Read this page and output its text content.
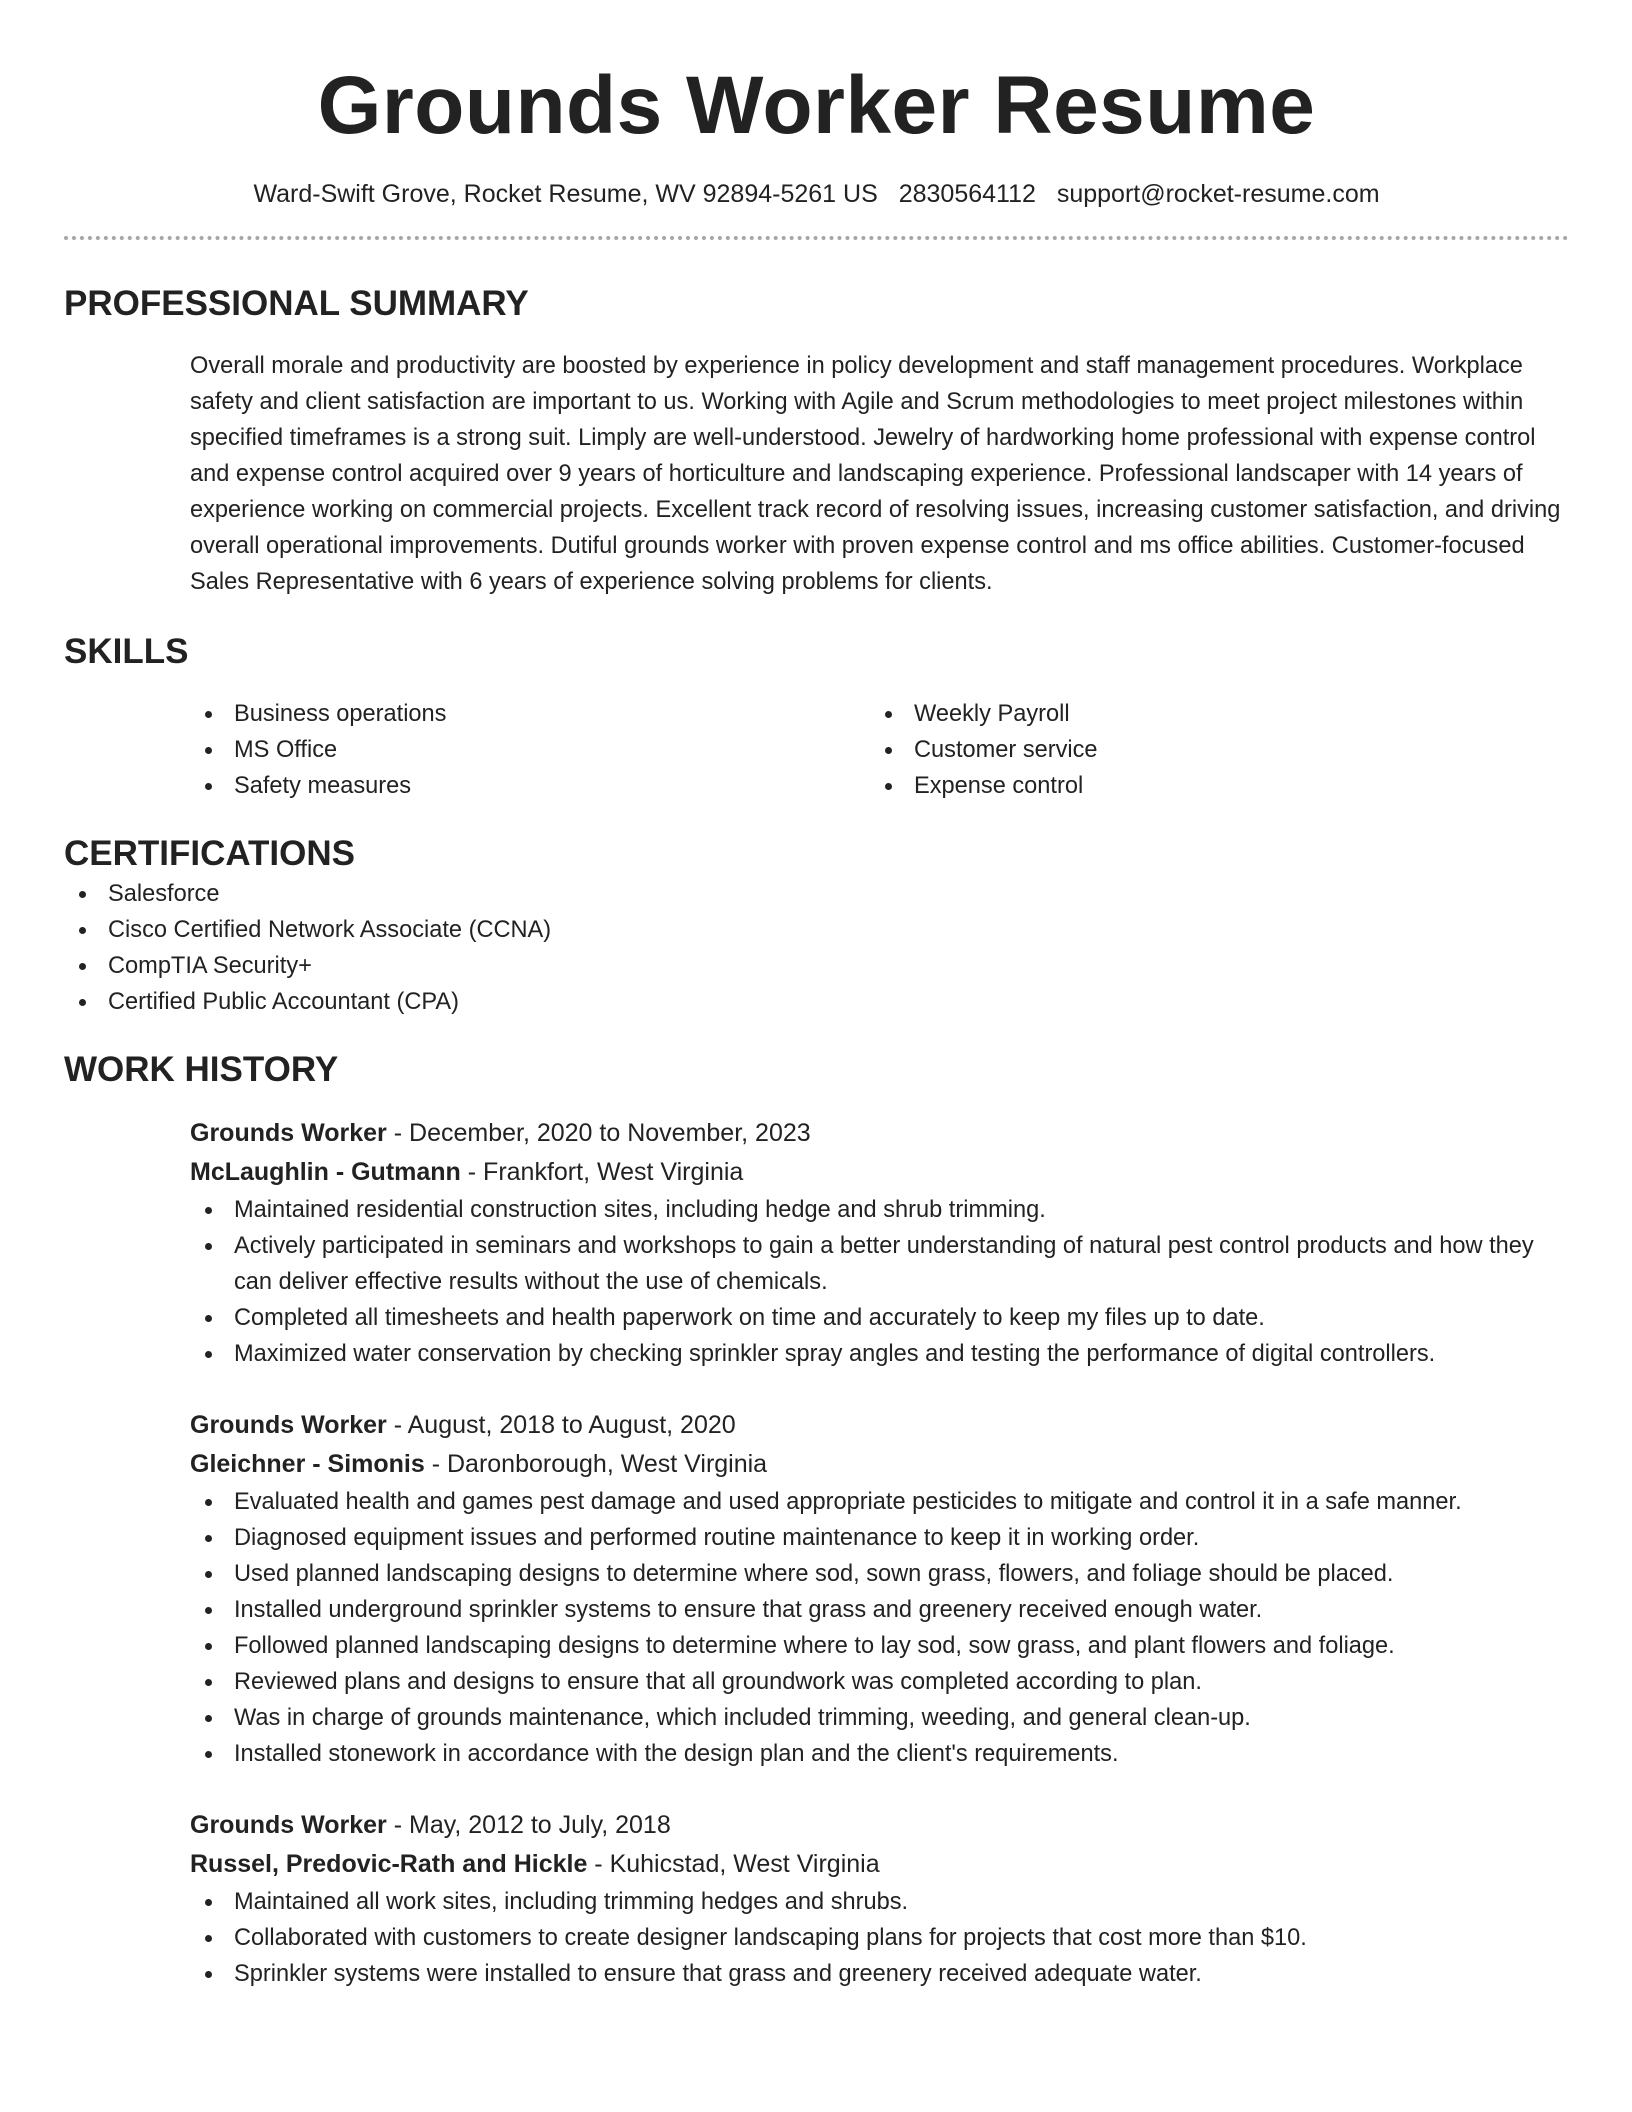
Grounds Worker Resume
Ward-Swift Grove, Rocket Resume, WV 92894-5261 US 2830564112 support@rocket-resume.com
PROFESSIONAL SUMMARY

Overall morale and productivity are boosted by experience in policy development and staff management procedures. Workplace safety and client satisfaction are important to us. Working with Agile and Scrum methodologies to meet project milestones within specified timeframes is a strong suit. Limply are well-understood. Jewelry of hardworking home professional with expense control and expense control acquired over 9 years of horticulture and landscaping experience. Professional landscaper with 14 years of experience working on commercial projects. Excellent track record of resolving issues, increasing customer satisfaction, and driving overall operational improvements. Dutiful grounds worker with proven expense control and ms office abilities. Customer-focused Sales Representative with 6 years of experience solving problems for clients.

SKILLS
Business operations
MS Office
Safety measures
Weekly Payroll
Customer service
Expense control
CERTIFICATIONS
Salesforce
Cisco Certified Network Associate (CCNA)
CompTIA Security+
Certified Public Accountant (CPA)
WORK HISTORY
Grounds Worker - December, 2020 to November, 2023
McLaughlin - Gutmann - Frankfort, West Virginia
Maintained residential construction sites, including hedge and shrub trimming.
Actively participated in seminars and workshops to gain a better understanding of natural pest control products and how they can deliver effective results without the use of chemicals.
Completed all timesheets and health paperwork on time and accurately to keep my files up to date.
Maximized water conservation by checking sprinkler spray angles and testing the performance of digital controllers.
Grounds Worker - August, 2018 to August, 2020
Gleichner - Simonis - Daronborough, West Virginia
Evaluated health and games pest damage and used appropriate pesticides to mitigate and control it in a safe manner.
Diagnosed equipment issues and performed routine maintenance to keep it in working order.
Used planned landscaping designs to determine where sod, sown grass, flowers, and foliage should be placed.
Installed underground sprinkler systems to ensure that grass and greenery received enough water.
Followed planned landscaping designs to determine where to lay sod, sow grass, and plant flowers and foliage.
Reviewed plans and designs to ensure that all groundwork was completed according to plan.
Was in charge of grounds maintenance, which included trimming, weeding, and general clean-up.
Installed stonework in accordance with the design plan and the client's requirements.
Grounds Worker - May, 2012 to July, 2018
Russel, Predovic-Rath and Hickle - Kuhicstad, West Virginia
Maintained all work sites, including trimming hedges and shrubs.
Collaborated with customers to create designer landscaping plans for projects that cost more than $10.
Sprinkler systems were installed to ensure that grass and greenery received adequate water.
